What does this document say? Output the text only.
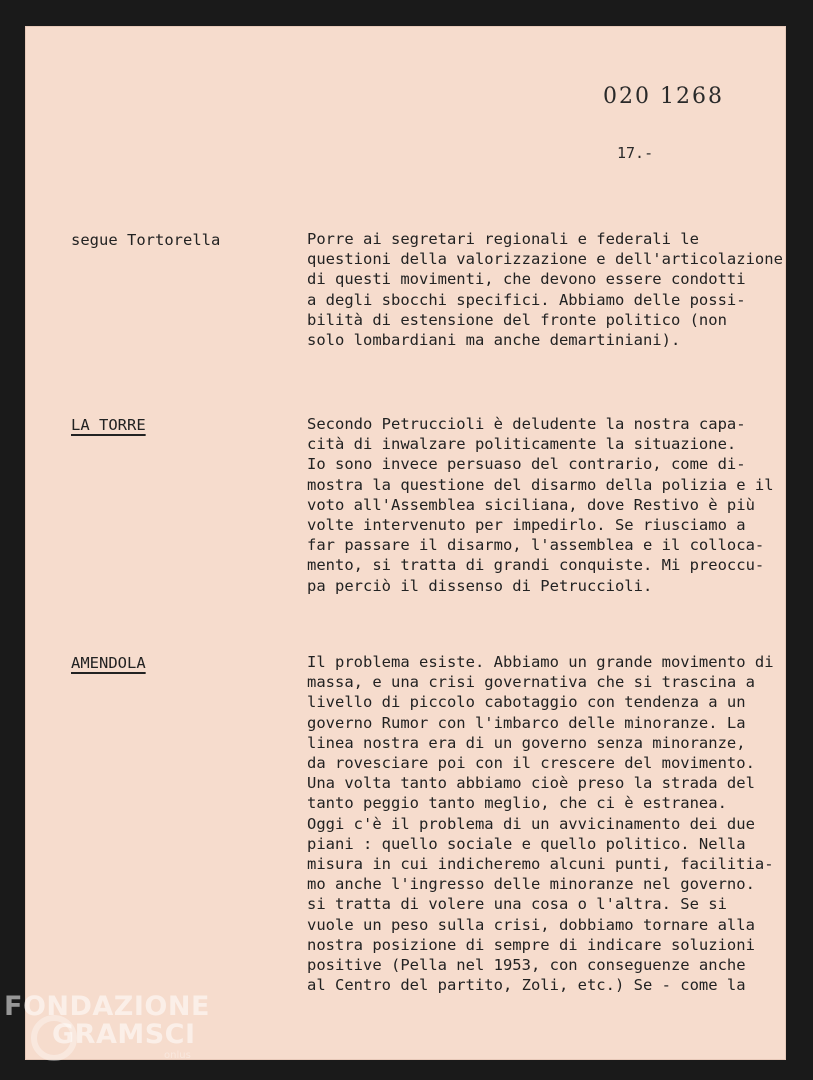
020 1268
17.-
segue Tortorella	Porre ai segretari regionali e federali le
questioni della valorizzazione e dell'articolazione
di questi movimenti, che devono essere condotti
a degli sbocchi specifici. Abbiamo delle possi-
bilità di estensione del fronte politico (non
solo lombardiani ma anche demartiniani).
LA TORRE	Secondo Petruccioli è deludente la nostra capa-
cità di inwalzare politicamente la situazione.
Io sono invece persuaso del contrario, come di-
mostra la questione del disarmo della polizia e il
voto all'Assemblea siciliana, dove Restivo è più
volte intervenuto per impedirlo. Se riusciamo a
far passare il disarmo, l'assemblea e il colloca-
mento, si tratta di grandi conquiste. Mi preoccu-
pa perciò il dissenso di Petruccioli.
AMENDOLA	Il problema esiste. Abbiamo un grande movimento di
massa, e una crisi governativa che si trascina a
livello di piccolo cabotaggio con tendenza a un
governo Rumor con l'imbarco delle minoranze. La
linea nostra era di un governo senza minoranze,
da rovesciare poi con il crescere del movimento.
Una volta tanto abbiamo cioè preso la strada del
tanto peggio tanto meglio, che ci è estranea.
Oggi c'è il problema di un avvicinamento dei due
piani : quello sociale e quello politico. Nella
misura in cui indicheremo alcuni punti, facilitia-
mo anche l'ingresso delle minoranze nel governo.
si tratta di volere una cosa o l'altra. Se si
vuole un peso sulla crisi, dobbiamo tornare alla
nostra posizione di sempre di indicare soluzioni
positive (Pella nel 1953, con conseguenze anche
al Centro del partito, Zoli, etc.) Se - come la
FONDAZIONE
GRAMSCI
onlus
